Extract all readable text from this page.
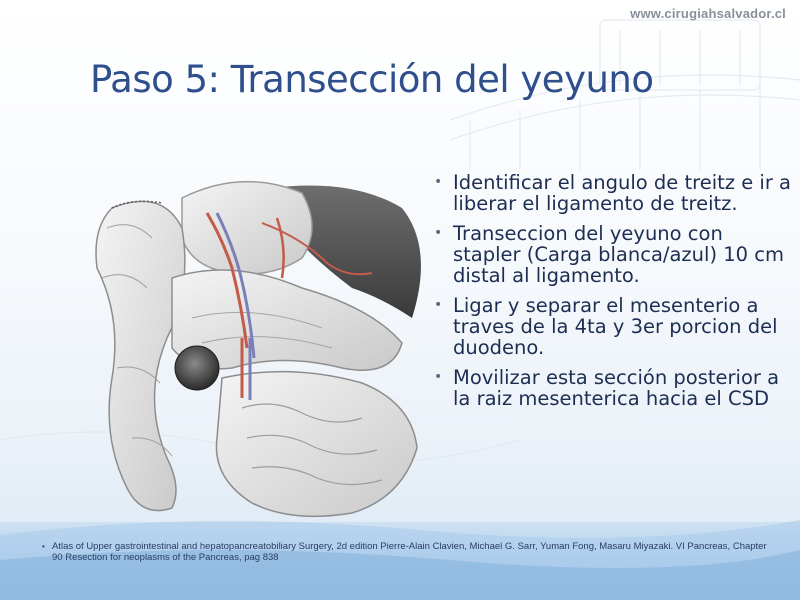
www.cirugiahsalvador.cl
Paso 5: Transección del yeyuno
• Identificar el angulo de treitz e ir a liberar el ligamento de treitz.
• Transeccion del yeyuno con stapler (Carga blanca/azul) 10 cm distal al ligamento.
• Ligar y separar el mesenterio a traves de la 4ta y 3er porcion del duodeno.
• Movilizar esta sección posterior a la raiz mesenterica hacia el CSD
• Atlas of Upper gastrointestinal and hepatopancreatobiliary Surgery, 2d edition Pierre-Alain Clavien, Michael G. Sarr, Yuman Fong, Masaru Miyazaki. VI Pancreas, Chapter 90 Resection for neoplasms of the Pancreas, pag 838
